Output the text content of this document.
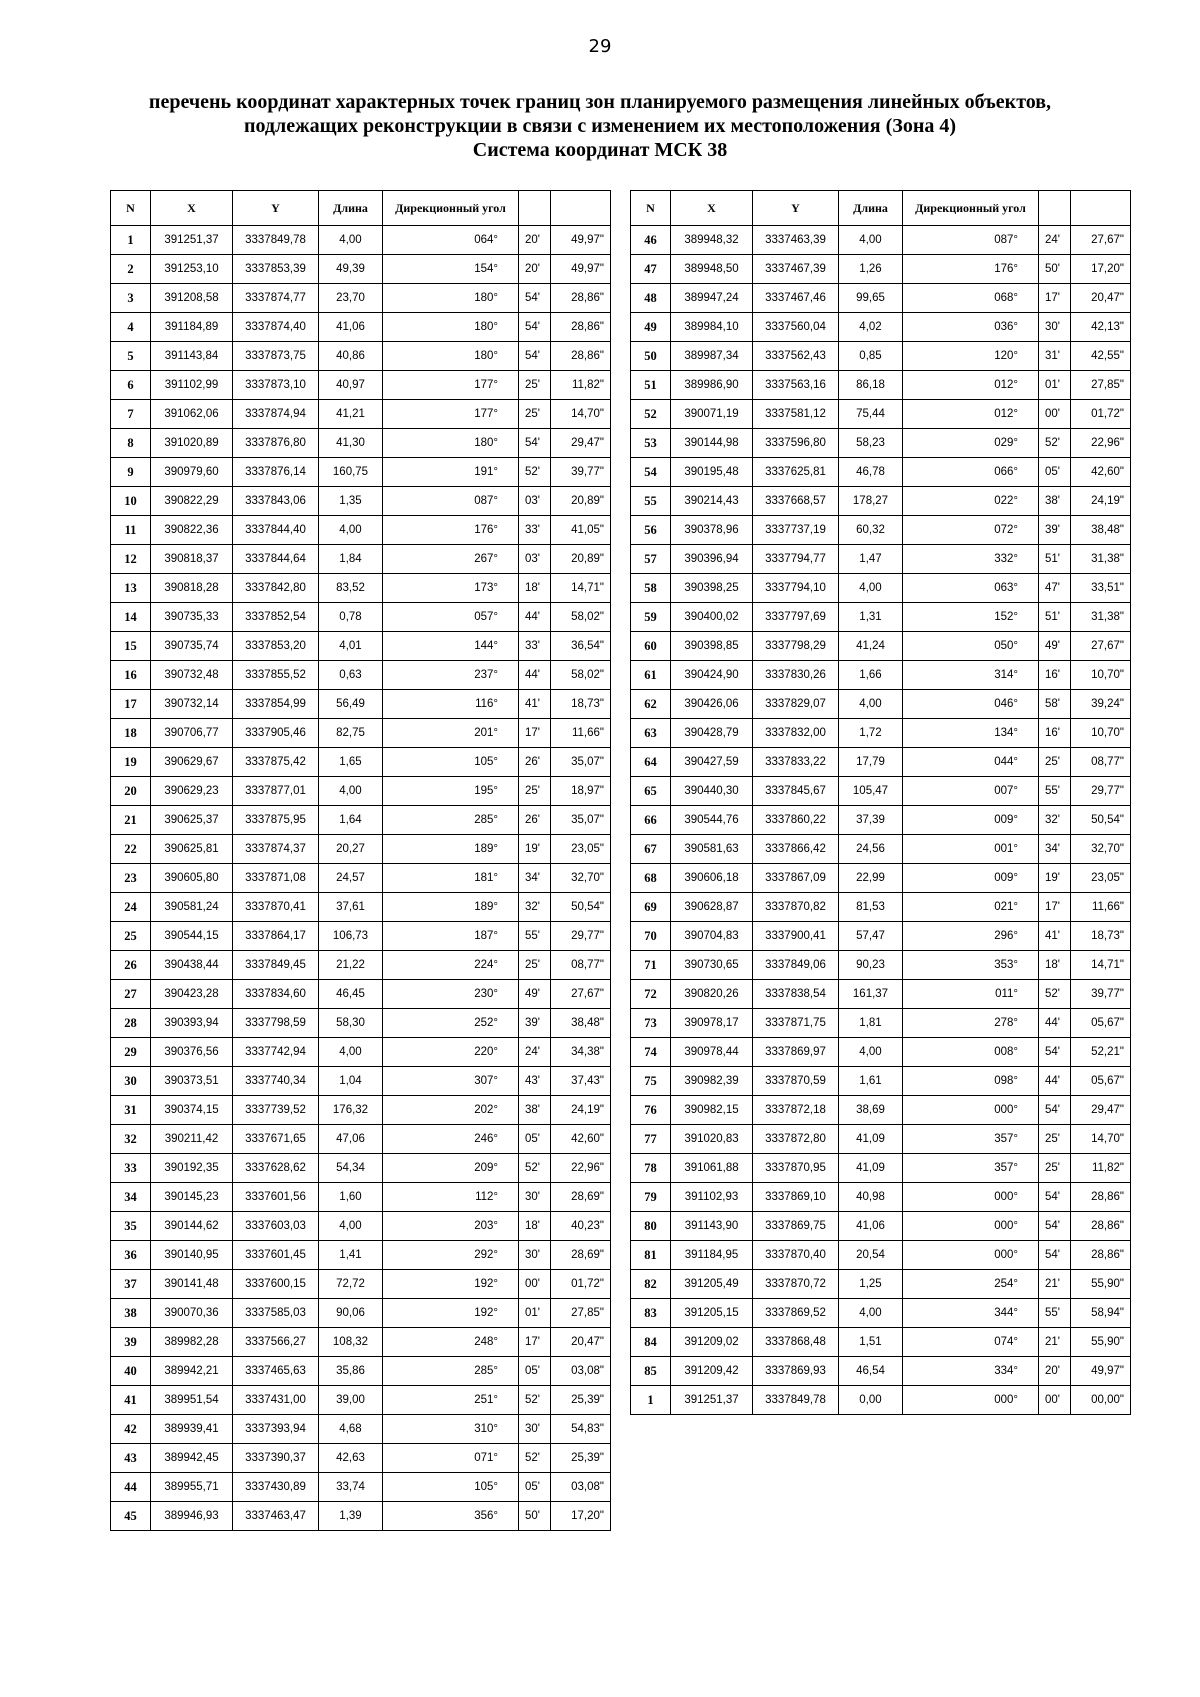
29
перечень координат характерных точек границ зон планируемого размещения линейных объектов,
подлежащих реконструкции в связи с изменением их местоположения (Зона 4)
Система координат МСК 38
N	X	Y	Длина	Дирекционный угол		
1	391251,37	3337849,78	4,00	064°	20'	49,97"
2	391253,10	3337853,39	49,39	154°	20'	49,97"
3	391208,58	3337874,77	23,70	180°	54'	28,86"
4	391184,89	3337874,40	41,06	180°	54'	28,86"
5	391143,84	3337873,75	40,86	180°	54'	28,86"
6	391102,99	3337873,10	40,97	177°	25'	11,82"
7	391062,06	3337874,94	41,21	177°	25'	14,70"
8	391020,89	3337876,80	41,30	180°	54'	29,47"
9	390979,60	3337876,14	160,75	191°	52'	39,77"
10	390822,29	3337843,06	1,35	087°	03'	20,89"
11	390822,36	3337844,40	4,00	176°	33'	41,05"
12	390818,37	3337844,64	1,84	267°	03'	20,89"
13	390818,28	3337842,80	83,52	173°	18'	14,71"
14	390735,33	3337852,54	0,78	057°	44'	58,02"
15	390735,74	3337853,20	4,01	144°	33'	36,54"
16	390732,48	3337855,52	0,63	237°	44'	58,02"
17	390732,14	3337854,99	56,49	116°	41'	18,73"
18	390706,77	3337905,46	82,75	201°	17'	11,66"
19	390629,67	3337875,42	1,65	105°	26'	35,07"
20	390629,23	3337877,01	4,00	195°	25'	18,97"
21	390625,37	3337875,95	1,64	285°	26'	35,07"
22	390625,81	3337874,37	20,27	189°	19'	23,05"
23	390605,80	3337871,08	24,57	181°	34'	32,70"
24	390581,24	3337870,41	37,61	189°	32'	50,54"
25	390544,15	3337864,17	106,73	187°	55'	29,77"
26	390438,44	3337849,45	21,22	224°	25'	08,77"
27	390423,28	3337834,60	46,45	230°	49'	27,67"
28	390393,94	3337798,59	58,30	252°	39'	38,48"
29	390376,56	3337742,94	4,00	220°	24'	34,38"
30	390373,51	3337740,34	1,04	307°	43'	37,43"
31	390374,15	3337739,52	176,32	202°	38'	24,19"
32	390211,42	3337671,65	47,06	246°	05'	42,60"
33	390192,35	3337628,62	54,34	209°	52'	22,96"
34	390145,23	3337601,56	1,60	112°	30'	28,69"
35	390144,62	3337603,03	4,00	203°	18'	40,23"
36	390140,95	3337601,45	1,41	292°	30'	28,69"
37	390141,48	3337600,15	72,72	192°	00'	01,72"
38	390070,36	3337585,03	90,06	192°	01'	27,85"
39	389982,28	3337566,27	108,32	248°	17'	20,47"
40	389942,21	3337465,63	35,86	285°	05'	03,08"
41	389951,54	3337431,00	39,00	251°	52'	25,39"
42	389939,41	3337393,94	4,68	310°	30'	54,83"
43	389942,45	3337390,37	42,63	071°	52'	25,39"
44	389955,71	3337430,89	33,74	105°	05'	03,08"
45	389946,93	3337463,47	1,39	356°	50'	17,20"
N	X	Y	Длина	Дирекционный угол		
46	389948,32	3337463,39	4,00	087°	24'	27,67"
47	389948,50	3337467,39	1,26	176°	50'	17,20"
48	389947,24	3337467,46	99,65	068°	17'	20,47"
49	389984,10	3337560,04	4,02	036°	30'	42,13"
50	389987,34	3337562,43	0,85	120°	31'	42,55"
51	389986,90	3337563,16	86,18	012°	01'	27,85"
52	390071,19	3337581,12	75,44	012°	00'	01,72"
53	390144,98	3337596,80	58,23	029°	52'	22,96"
54	390195,48	3337625,81	46,78	066°	05'	42,60"
55	390214,43	3337668,57	178,27	022°	38'	24,19"
56	390378,96	3337737,19	60,32	072°	39'	38,48"
57	390396,94	3337794,77	1,47	332°	51'	31,38"
58	390398,25	3337794,10	4,00	063°	47'	33,51"
59	390400,02	3337797,69	1,31	152°	51'	31,38"
60	390398,85	3337798,29	41,24	050°	49'	27,67"
61	390424,90	3337830,26	1,66	314°	16'	10,70"
62	390426,06	3337829,07	4,00	046°	58'	39,24"
63	390428,79	3337832,00	1,72	134°	16'	10,70"
64	390427,59	3337833,22	17,79	044°	25'	08,77"
65	390440,30	3337845,67	105,47	007°	55'	29,77"
66	390544,76	3337860,22	37,39	009°	32'	50,54"
67	390581,63	3337866,42	24,56	001°	34'	32,70"
68	390606,18	3337867,09	22,99	009°	19'	23,05"
69	390628,87	3337870,82	81,53	021°	17'	11,66"
70	390704,83	3337900,41	57,47	296°	41'	18,73"
71	390730,65	3337849,06	90,23	353°	18'	14,71"
72	390820,26	3337838,54	161,37	011°	52'	39,77"
73	390978,17	3337871,75	1,81	278°	44'	05,67"
74	390978,44	3337869,97	4,00	008°	54'	52,21"
75	390982,39	3337870,59	1,61	098°	44'	05,67"
76	390982,15	3337872,18	38,69	000°	54'	29,47"
77	391020,83	3337872,80	41,09	357°	25'	14,70"
78	391061,88	3337870,95	41,09	357°	25'	11,82"
79	391102,93	3337869,10	40,98	000°	54'	28,86"
80	391143,90	3337869,75	41,06	000°	54'	28,86"
81	391184,95	3337870,40	20,54	000°	54'	28,86"
82	391205,49	3337870,72	1,25	254°	21'	55,90"
83	391205,15	3337869,52	4,00	344°	55'	58,94"
84	391209,02	3337868,48	1,51	074°	21'	55,90"
85	391209,42	3337869,93	46,54	334°	20'	49,97"
1	391251,37	3337849,78	0,00	000°	00'	00,00"
